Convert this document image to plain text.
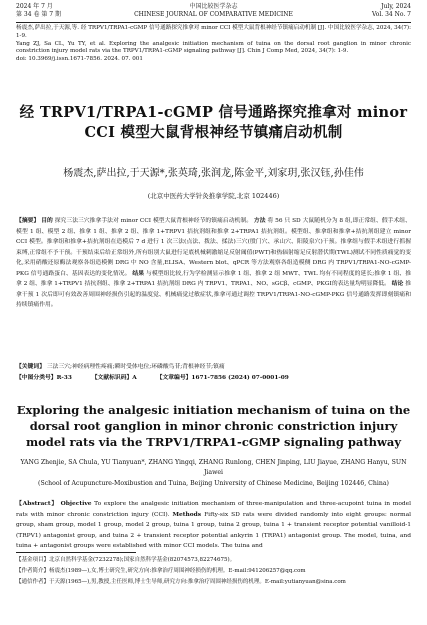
2024 年 7 月
第 34 卷 第 7 期
中国比较医学杂志
CHINESE JOURNAL OF COMPARATIVE MEDICINE
July, 2024
Vol. 34 No. 7

杨震杰,萨出拉,于天源,等. 经 TRPV1/TRPA1-cGMP 信号通路探究推拿对 minor CCI 模型大鼠背根神经节镇痛启动机制 [J]. 中国比较医学杂志, 2024, 34(7): 1-9.

Yang ZJ, Sa CL, Yu TY, et al. Exploring the analgesic initiation mechanism of tuina on the dorsal root ganglion in minor chronic constriction injury model rats via the TRPV1/TRPA1-cGMP signaling pathway [J]. Chin J Comp Med, 2024, 34(7): 1-9.

doi: 10.3969/j.issn.1671-7856. 2024. 07. 001

经 TRPV1/TRPA1-cGMP 信号通路探究推拿对 minor CCI 模型大鼠背根神经节镇痛启动机制
杨震杰,萨出拉,于天源*,张英琦,张润龙,陈金平,刘家玥,张汉钰,孙佳伟
(北京中医药大学针灸推拿学院,北京 102446)

【摘要】 目的 探究三法三穴推拿手法对 minor CCI 模型大鼠背根神经节的镇痛启动机制。 方法 将 56 只 SD 大鼠随机分为 8 组,即正常组、假手术组、模型 1 组、模型 2 组、推拿 1 组、推拿 2 组、推拿 1+TRPV1 拮抗剂组和推拿 2+TRPA1 拮抗剂组。模型组、推拿组和推拿+拮抗剂组建立 minor CCI 模型。推拿组和推拿+拮抗剂组在造模后 7 d 进行 1 次三法(点法、拨法、揉法)三穴(殷门穴、承山穴、阳陵泉穴)干预。推拿组与假手术组进行抓握束缚,正常组不予干预。干预结束后给正常组外,所有组别大鼠进行足底机械刺激缩足反射阈值(PWT)和热辐射缩足反射潜伏期(TWL)测试不同性质痛觉的变化,采用硝酸还原酶法观察各组造模侧 DRG 中 NO 含量,ELISA、Western blot、qPCR 等方法观察各组造模侧 DRG 内 TRPV1/TRPA1-NO-cGMP-PKG 信号通路蛋白、基因表达的变化情况。 结果 与模型组比较,行为学检测显示推拿 1 组、推拿 2 组 MWT、TWL 均有不同程度的延长;推拿 1 组、推拿 2 组、推拿 1+TRPV1 拮抗剂组、推拿 2+TRPA1 拮抗剂组 DRG 内 TRPV1、TRPA1、NO、sGCβ、cGMP、PKGⅠ的表达量均明显降低。 结论 推拿干预 1 次后即可有效改善周围神经损伤引起的温度觉、机械痛觉过敏症状,推拿可通过调控 TRPV1/TRPA1-NO-cGMP-PKG 信号通路发挥即刻镇痛和持续镇痛作用。

【关键词】 三法三穴;神经病理性疼痛;瞬时受体电位;环磷酸鸟苷;背根神经节;镇痛
【中图分类号】R-33	【文献标识码】A	【文章编号】1671-7856 (2024) 07-0001-09
Exploring the analgesic initiation mechanism of tuina on the dorsal root ganglion in minor chronic constriction injury model rats via the TRPV1/TRPA1-cGMP signaling pathway
YANG Zhenjie, SA Chula, YU Tianyuan*, ZHANG Yingqi, ZHANG Runlong, CHEN Jinping, LIU Jiayue, ZHANG Hanyu, SUN Jiawei
(School of Acupuncture-Moxibustion and Tuina, Beijing University of Chinese Medicine, Beijing 102446, China)

【Abstract】 Objective To explore the analgesic initiation mechanism of three-manipulation and three-acupoint tuina in model rats with minor chronic constriction injury (CCI). Methods Fifty-six SD rats were divided randomly into eight groups: normal group, sham group, model 1 group, model 2 group, tuina 1 group, tuina 2 group, tuina 1 + transient receptor potential vanilloid-1 (TRPV1) antagonist group, and tuina 2 + transient receptor potential ankyrin 1 (TRPA1) antagonist group. The model, tuina, and tuina + antagonist groups were established with minor CCI models. The tuina and

【基金项目】北京自然科学基金(7232278);国家自然科学基金(82074573,82274675)。

【作者简介】杨震杰(1989—),女,博士研究生,研究方向:推拿治疗周围神经损伤的机理。E-mail:941206257@qq.com

【通信作者】于天源(1965—),男,教授,主任医师,博士生导师,研究方向:推拿治疗周围神经损伤的机理。E-mail:yutianyuan@sina.com
